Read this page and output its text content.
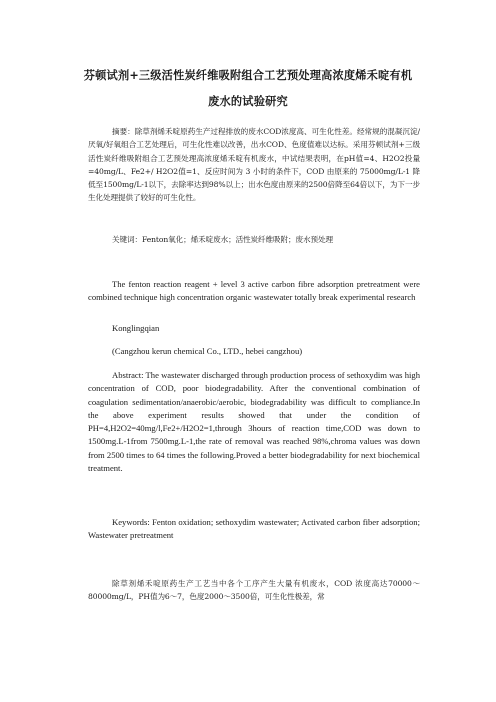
芬顿试剂+三级活性炭纤维吸附组合工艺预处理高浓度烯禾啶有机
废水的试验研究

摘要：除草剂烯禾啶原药生产过程排放的废水COD浓度高、可生化性差。经常规的混凝沉淀/厌氧/好氧组合工艺处理后，可生化性难以改善，出水COD、色度值难以达标。采用芬顿试剂+三级活性炭纤维吸附组合工艺预处理高浓度烯禾啶有机废水，中试结果表明，在pH值=4、H2O2投量=40mg/L、Fe2+/ H2O2值=1、反应时间为 3 小时的条件下，COD 由原来的 75000mg/L-1 降低至1500mg/L-1以下，去除率达到98%以上；出水色度由原来的2500倍降至64倍以下，为下一步生化处理提供了较好的可生化性。

关键词：Fenton氧化；烯禾啶废水；活性炭纤维吸附；废水预处理

The fenton reaction reagent + level 3 active carbon fibre adsorption pretreatment were combined technique high concentration organic wastewater totally break experimental research

Konglingqian

(Cangzhou kerun chemical Co., LTD., hebei cangzhou)

Abstract: The wastewater discharged through production process of sethoxydim was high concentration of COD, poor biodegradability. After the conventional combination of coagulation sedimentation/anaerobic/aerobic, biodegradability was difficult to compliance.In the above experiment results showed that under the condition of PH=4,H2O2=40mg/l,Fe2+/H2O2=1,through 3hours of reaction time,COD was down to 1500mg.L-1from 7500mg.L-1,the rate of removal was reached 98%,chroma values was down from 2500 times to 64 times the following.Proved a better biodegradability for next biochemical treatment.

Keywords: Fenton oxidation; sethoxydim wastewater; Activated carbon fiber adsorption; Wastewater pretreatment

除草剂烯禾啶原药生产工艺当中各个工序产生大量有机废水，COD 浓度高达70000～80000mg/L，PH值为6～7，色度2000～3500倍，可生化性极差，常
